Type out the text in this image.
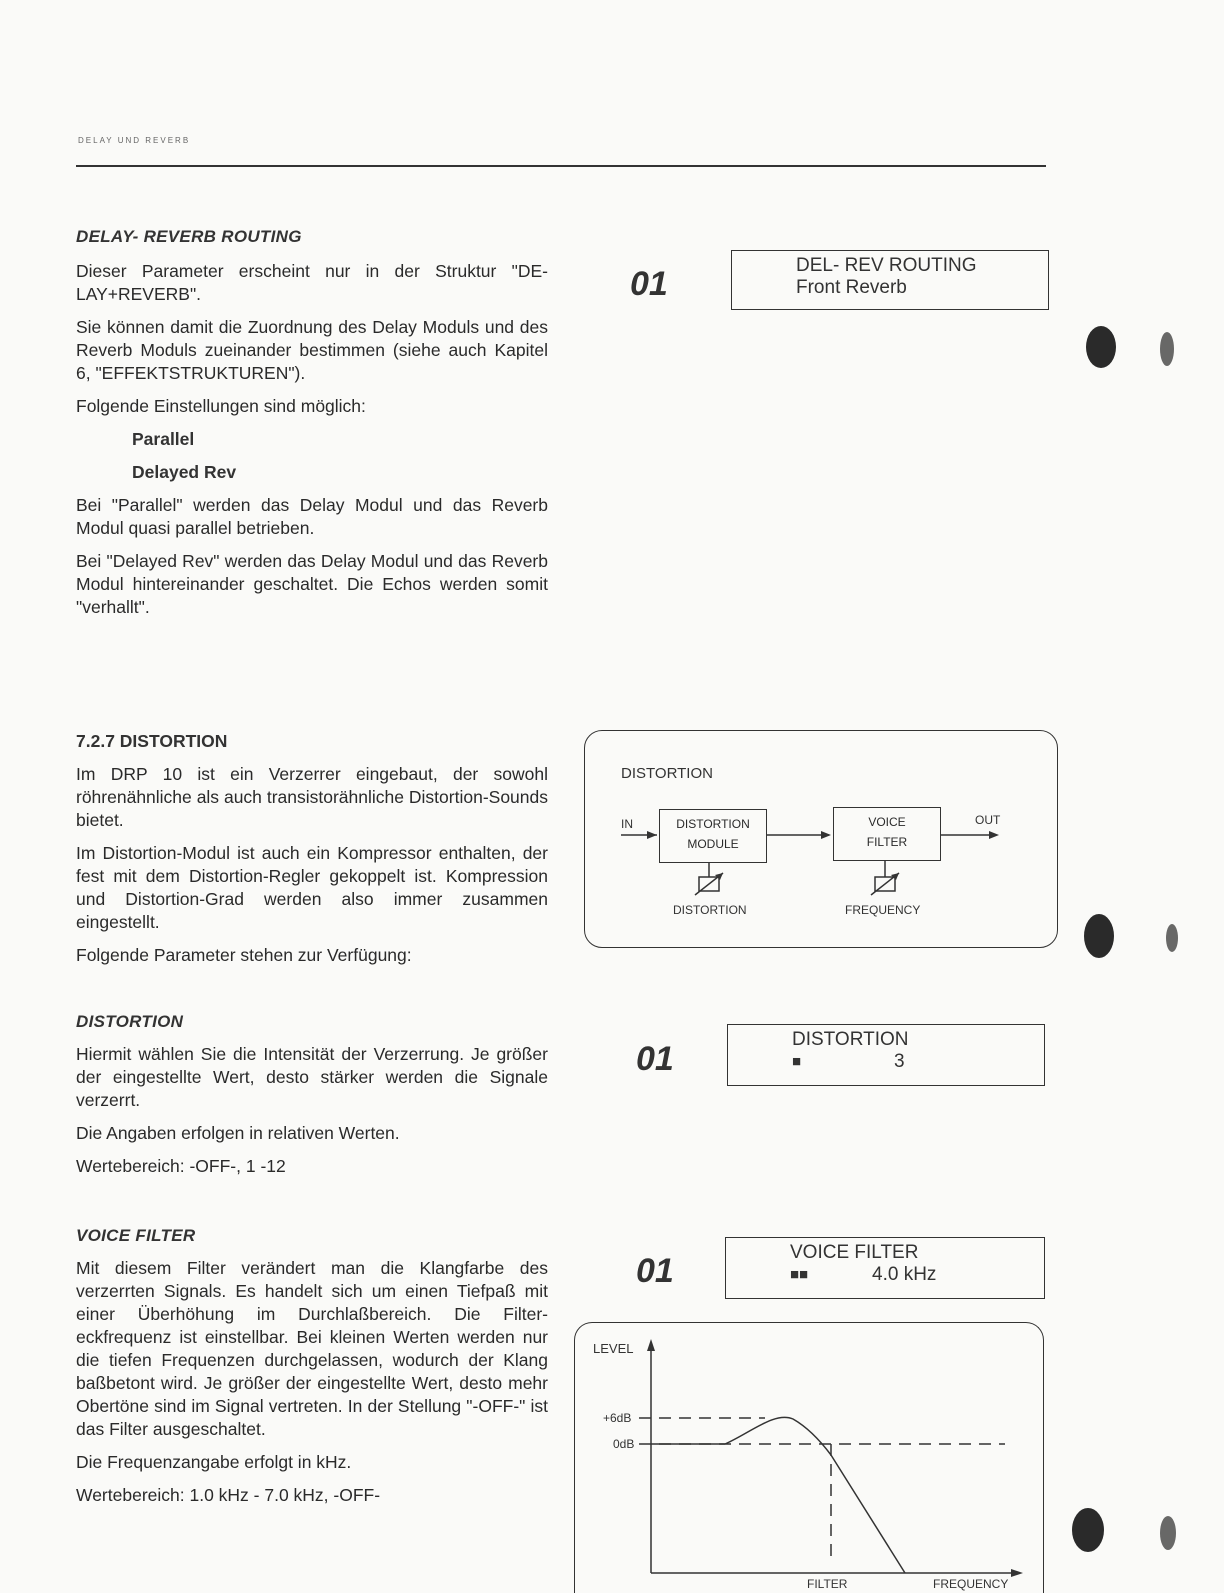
DELAY UND REVERB

DELAY- REVERB ROUTING

Dieser Parameter erscheint nur in der Struktur "DE-LAY+REVERB".

Sie können damit die Zuordnung des Delay Moduls und des Reverb Moduls zueinander bestimmen (siehe auch Kapitel 6, "EFFEKTSTRUKTUREN").

Folgende Einstellungen sind möglich:

Parallel

Delayed Rev

Bei "Parallel" werden das Delay Modul und das Reverb Modul quasi parallel betrieben.

Bei "Delayed Rev" werden das Delay Modul und das Reverb Modul hintereinander geschaltet. Die Echos werden somit "verhallt".

01	DEL- REV ROUTING
Front Reverb

7.2.7 DISTORTION

Im DRP 10 ist ein Verzerrer eingebaut, der sowohl röhrenähnliche als auch transistorähnliche Distortion-Sounds bietet.

Im Distortion-Modul ist auch ein Kompressor enthalten, der fest mit dem Distortion-Regler gekoppelt ist. Kompression und Distortion-Grad werden also immer zusammen eingestellt.

Folgende Parameter stehen zur Verfügung:

DISTORTION
IN	OUT
DISTORTION
MODULE
VOICE
FILTER
DISTORTION	FREQUENCY

DISTORTION

Hiermit wählen Sie die Intensität der Verzerrung. Je größer der eingestellte Wert, desto stärker werden die Signale verzerrt.

Die Angaben erfolgen in relativen Werten.

Wertebereich: -OFF-, 1 -12

01
DISTORTION
■	3

VOICE FILTER

Mit diesem Filter verändert man die Klangfarbe des verzerrten Signals. Es handelt sich um einen Tiefpaß mit einer Überhöhung im Durchlaßbereich. Die Filter-eckfrequenz ist einstellbar. Bei kleinen Werten werden nur die tiefen Frequenzen durchgelassen, wodurch der Klang baßbetont wird. Je größer der eingestellte Wert, desto mehr Obertöne sind im Signal vertreten. In der Stellung "-OFF-" ist das Filter ausgeschaltet.

Die Frequenzangabe erfolgt in kHz.

Wertebereich: 1.0 kHz - 7.0 kHz, -OFF-

01	VOICE FILTER
■■	4.0 kHz
LEVEL
+6dB
0dB
FILTER	FREQUENCY
